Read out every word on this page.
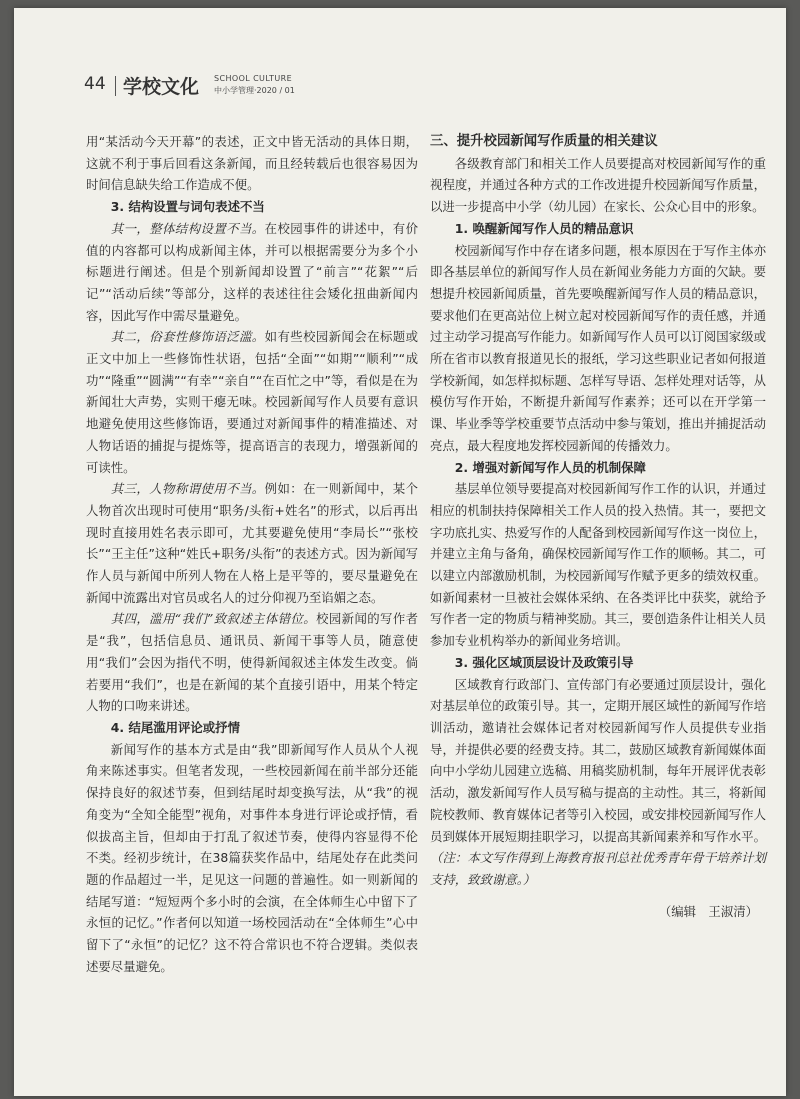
44 学校文化 SCHOOL CULTURE
中小学管理·2020 / 01

用“某活动今天开幕”的表述，正文中皆无活动的具体日期，这就不利于事后回看这条新闻，而且经转载后也很容易因为时间信息缺失给工作造成不便。

3. 结构设置与词句表述不当

其一，整体结构设置不当。在校园事件的讲述中，有价值的内容都可以构成新闻主体，并可以根据需要分为多个小标题进行阐述。但是个别新闻却设置了“前言”“花絮”“后记”“活动后续”等部分，这样的表述往往会矮化扭曲新闻内容，因此写作中需尽量避免。

其二，俗套性修饰语泛滥。如有些校园新闻会在标题或正文中加上一些修饰性状语，包括“全面”“如期”“顺利”“成功”“隆重”“圆满”“有幸”“亲自”“在百忙之中”等，看似是在为新闻壮大声势，实则干瘪无味。校园新闻写作人员要有意识地避免使用这些修饰语，要通过对新闻事件的精准描述、对人物话语的捕捉与提炼等，提高语言的表现力，增强新闻的可读性。

其三，人物称谓使用不当。例如：在一则新闻中，某个人物首次出现时可使用“职务/头衔+姓名”的形式，以后再出现时直接用姓名表示即可，尤其要避免使用“李局长”“张校长”“王主任”这种“姓氏+职务/头衔”的表述方式。因为新闻写作人员与新闻中所列人物在人格上是平等的，要尽量避免在新闻中流露出对官员或名人的过分仰视乃至谄媚之态。

其四，滥用“我们”致叙述主体错位。校园新闻的写作者是“我”，包括信息员、通讯员、新闻干事等人员，随意使用“我们”会因为指代不明，使得新闻叙述主体发生改变。倘若要用“我们”，也是在新闻的某个直接引语中，用某个特定人物的口吻来讲述。

4. 结尾滥用评论或抒情

新闻写作的基本方式是由“我”即新闻写作人员从个人视角来陈述事实。但笔者发现，一些校园新闻在前半部分还能保持良好的叙述节奏，但到结尾时却变换写法，从“我”的视角变为“全知全能型”视角，对事件本身进行评论或抒情，看似拔高主旨，但却由于打乱了叙述节奏，使得内容显得不伦不类。经初步统计，在38篇获奖作品中，结尾处存在此类问题的作品超过一半，足见这一问题的普遍性。如一则新闻的结尾写道：“短短两个多小时的会演，在全体师生心中留下了永恒的记忆。”作者何以知道一场校园活动在“全体师生”心中留下了“永恒”的记忆？这不符合常识也不符合逻辑。类似表述要尽量避免。

三、提升校园新闻写作质量的相关建议

各级教育部门和相关工作人员要提高对校园新闻写作的重视程度，并通过各种方式的工作改进提升校园新闻写作质量，以进一步提高中小学（幼儿园）在家长、公众心目中的形象。

1. 唤醒新闻写作人员的精品意识

校园新闻写作中存在诸多问题，根本原因在于写作主体亦即各基层单位的新闻写作人员在新闻业务能力方面的欠缺。要想提升校园新闻质量，首先要唤醒新闻写作人员的精品意识，要求他们在更高站位上树立起对校园新闻写作的责任感，并通过主动学习提高写作能力。如新闻写作人员可以订阅国家级或所在省市以教育报道见长的报纸，学习这些职业记者如何报道学校新闻，如怎样拟标题、怎样写导语、怎样处理对话等，从模仿写作开始，不断提升新闻写作素养；还可以在开学第一课、毕业季等学校重要节点活动中参与策划，推出并捕捉活动亮点，最大程度地发挥校园新闻的传播效力。

2. 增强对新闻写作人员的机制保障

基层单位领导要提高对校园新闻写作工作的认识，并通过相应的机制扶持保障相关工作人员的投入热情。其一，要把文字功底扎实、热爱写作的人配备到校园新闻写作这一岗位上，并建立主角与备角，确保校园新闻写作工作的顺畅。其二，可以建立内部激励机制，为校园新闻写作赋予更多的绩效权重。如新闻素材一旦被社会媒体采纳、在各类评比中获奖，就给予写作者一定的物质与精神奖励。其三，要创造条件让相关人员参加专业机构举办的新闻业务培训。

3. 强化区域顶层设计及政策引导

区域教育行政部门、宣传部门有必要通过顶层设计，强化对基层单位的政策引导。其一，定期开展区域性的新闻写作培训活动，邀请社会媒体记者对校园新闻写作人员提供专业指导，并提供必要的经费支持。其二，鼓励区域教育新闻媒体面向中小学幼儿园建立选稿、用稿奖励机制，每年开展评优表彰活动，激发新闻写作人员写稿与提高的主动性。其三，将新闻院校教师、教育媒体记者等引入校园，或安排校园新闻写作人员到媒体开展短期挂职学习，以提高其新闻素养和写作水平。（注：本文写作得到上海教育报刊总社优秀青年骨干培养计划支持，致致谢意。）

（编辑　王淑清）
